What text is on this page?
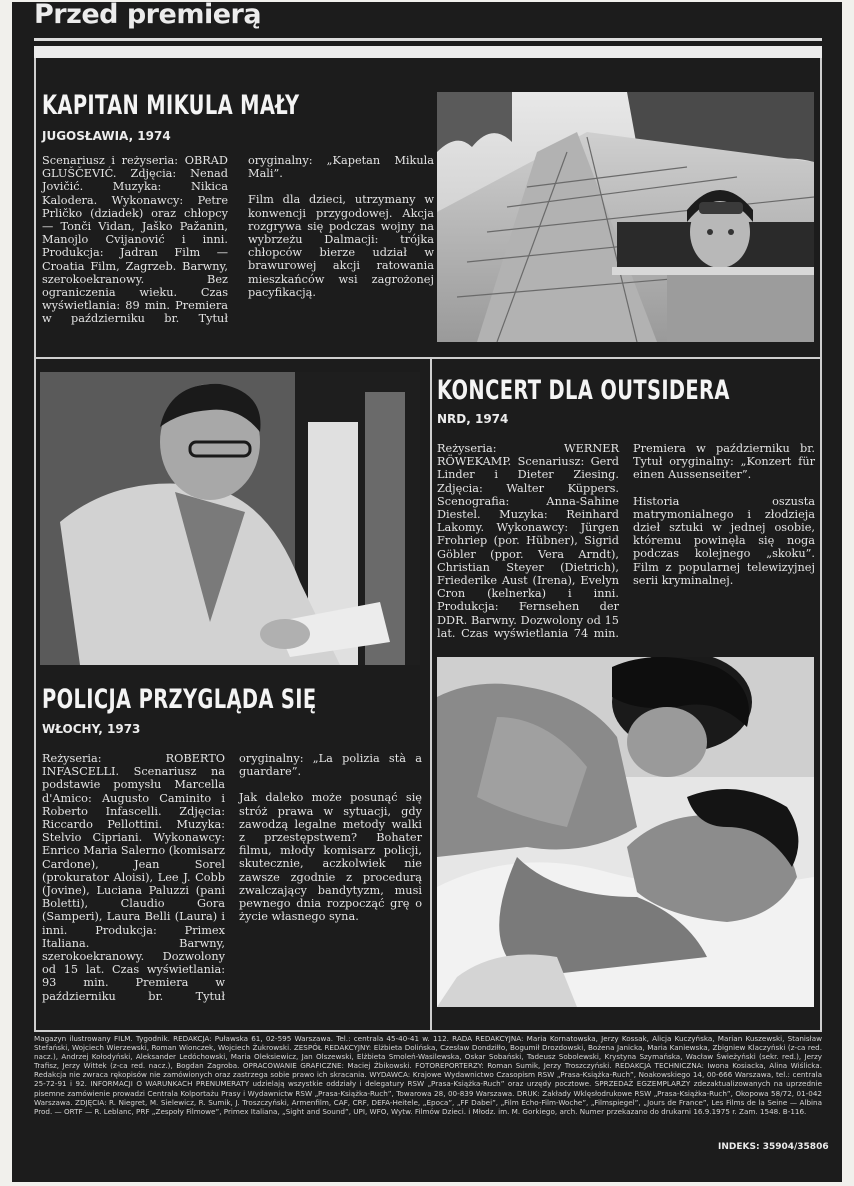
Przed premierą
KAPITAN MIKULA MAŁY
JUGOSŁAWIA, 1974

Scenariusz i reżyseria: OBRAD GLUŠČEVIĆ. Zdjęcia: Nenad Jovičić. Muzyka: Nikica Kalodera. Wykonawcy: Petre Prličko (dziadek) oraz chłopcy — Tonči Vidan, Jaško Pažanin, Manojlo Cvijanović i inni. Produkcja: Jadran Film — Croatia Film, Zagrzeb. Barwny, szerokoekranowy. Bez ograniczenia wieku. Czas wyświetlania: 89 min. Premiera w październiku br. Tytuł oryginalny: „Kapetan Mikula Mali”.

Film dla dzieci, utrzymany w konwencji przygodowej. Akcja rozgrywa się podczas wojny na wybrzeżu Dalmacji: trójka chłopców bierze udział w brawurowej akcji ratowania mieszkańców wsi zagrożonej pacyfikacją.

POLICJA PRZYGLĄDA SIĘ
WŁOCHY, 1973

Reżyseria: ROBERTO INFASCELLI. Scenariusz na podstawie pomysłu Marcella d'Amico: Augusto Caminito i Roberto Infascelli. Zdjęcia: Riccardo Pellottini. Muzyka: Stelvio Cipriani. Wykonawcy: Enrico Maria Salerno (komisarz Cardone), Jean Sorel (prokurator Aloisi), Lee J. Cobb (Jovine), Luciana Paluzzi (pani Boletti), Claudio Gora (Samperi), Laura Belli (Laura) i inni. Produkcja: Primex Italiana. Barwny, szerokoekranowy. Dozwolony od 15 lat. Czas wyświetlania: 93 min. Premiera w październiku br. Tytuł oryginalny: „La polizia stà a guardare”.

Jak daleko może posunąć się stróż prawa w sytuacji, gdy zawodzą legalne metody walki z przestępstwem? Bohater filmu, młody komisarz policji, skutecznie, aczkolwiek nie zawsze zgodnie z procedurą zwalczający bandytyzm, musi pewnego dnia rozpocząć grę o życie własnego syna.

KONCERT DLA OUTSIDERA
NRD, 1974

Reżyseria: WERNER RÖWEKAMP. Scenariusz: Gerd Linder i Dieter Ziesing. Zdjęcia: Walter Küppers. Scenografia: Anna-Sahine Diestel. Muzyka: Reinhard Lakomy. Wykonawcy: Jürgen Frohriep (por. Hübner), Sigrid Göbler (ppor. Vera Arndt), Christian Steyer (Dietrich), Friederike Aust (Irena), Evelyn Cron (kelnerka) i inni. Produkcja: Fernsehen der DDR. Barwny. Dozwolony od 15 lat. Czas wyświetlania 74 min. Premiera w październiku br. Tytuł oryginalny: „Konzert für einen Aussenseiter”.

Historia oszusta matrymonialnego i złodzieja dzieł sztuki w jednej osobie, któremu powinęła się noga podczas kolejnego „skoku”. Film z popularnej telewizyjnej serii kryminalnej.

Magazyn ilustrowany FILM. Tygodnik. REDAKCJA: Puławska 61, 02-595 Warszawa. Tel.: centrala 45-40-41 w. 112. RADA REDAKCYJNA: Maria Kornatowska, Jerzy Kossak, Alicja Kuczyńska, Marian Kuszewski, Stanisław Stefański, Wojciech Wierzewski, Roman Wionczek, Wojciech Żukrowski. ZESPÓŁ REDAKCYJNY: Elżbieta Dolińska, Czesław Dondziłło, Bogumił Drozdowski, Bożena Janicka, Maria Kaniewska, Zbigniew Klaczyński (z-ca red. nacz.), Andrzej Kołodyński, Aleksander Ledóchowski, Maria Oleksiewicz, Jan Olszewski, Elżbieta Smoleń-Wasilewska, Oskar Sobański, Tadeusz Sobolewski, Krystyna Szymańska, Wacław Świeżyński (sekr. red.), Jerzy Trafisz, Jerzy Wittek (z-ca red. nacz.), Bogdan Zagroba. OPRACOWANIE GRAFICZNE: Maciej Żbikowski. FOTOREPORTERZY: Roman Sumik, Jerzy Troszczyński. REDAKCJA TECHNICZNA: Iwona Kosiacka, Alina Wiślicka. Redakcja nie zwraca rękopisów nie zamówionych oraz zastrzega sobie prawo ich skracania. WYDAWCA: Krajowe Wydawnictwo Czasopism RSW „Prasa-Książka-Ruch”, Noakowskiego 14, 00-666 Warszawa, tel.: centrala 25-72-91 i 92. INFORMACJI O WARUNKACH PRENUMERATY udzielają wszystkie oddziały i delegatury RSW „Prasa-Książka-Ruch” oraz urzędy pocztowe. SPRZEDAŻ EGZEMPLARZY zdezaktualizowanych na uprzednie pisemne zamówienie prowadzi Centrala Kolportażu Prasy i Wydawnictw RSW „Prasa-Książka-Ruch”, Towarowa 28, 00-839 Warszawa. DRUK: Zakłady Wklęsłodrukowe RSW „Prasa-Książka-Ruch”, Okopowa 58/72, 01-042 Warszawa. ZDJĘCIA: R. Niegret, M. Sielewicz, R. Sumik, J. Troszczyński, Armenfilm, CAF, CRF, DEFA-Heitele, „Epoca”, „FF Dabei”, „Film Echo-Film-Woche”, „Filmspiegel”, „Jours de France”, Les Films de la Seine — Albina Prod. — ORTF — R. Leblanc, PRF „Zespoły Filmowe”, Primex Italiana, „Sight and Sound”, UPI, WFO, Wytw. Filmów Dzieci. i Młodz. im. M. Gorkiego, arch. Numer przekazano do drukarni 16.9.1975 r. Zam. 1548. B-116.
INDEKS: 35904/35806
